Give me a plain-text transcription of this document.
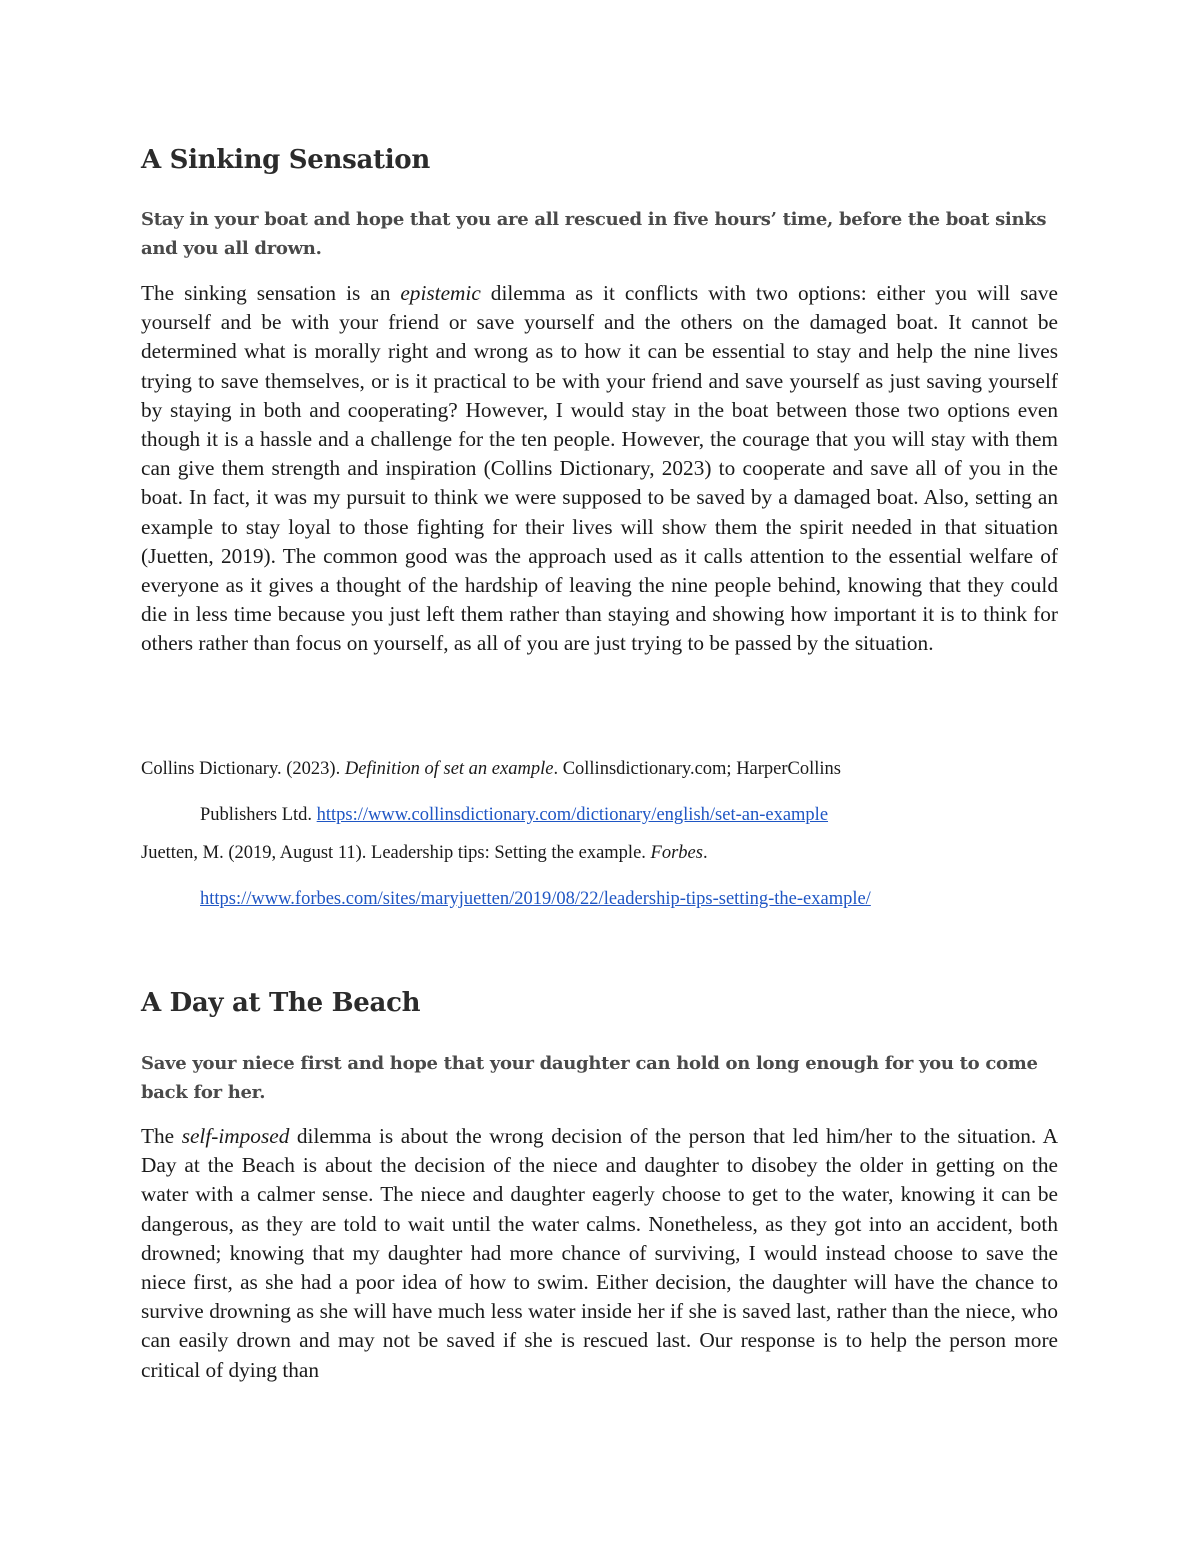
A Sinking Sensation

Stay in your boat and hope that you are all rescued in five hours’ time, before the boat sinks and you all drown.

The sinking sensation is an epistemic dilemma as it conflicts with two options: either you will save yourself and be with your friend or save yourself and the others on the damaged boat. It cannot be determined what is morally right and wrong as to how it can be essential to stay and help the nine lives trying to save themselves, or is it practical to be with your friend and save yourself as just saving yourself by staying in both and cooperating? However, I would stay in the boat between those two options even though it is a hassle and a challenge for the ten people. However, the courage that you will stay with them can give them strength and inspiration (Collins Dictionary, 2023) to cooperate and save all of you in the boat. In fact, it was my pursuit to think we were supposed to be saved by a damaged boat. Also, setting an example to stay loyal to those fighting for their lives will show them the spirit needed in that situation (Juetten, 2019). The common good was the approach used as it calls attention to the essential welfare of everyone as it gives a thought of the hardship of leaving the nine people behind, knowing that they could die in less time because you just left them rather than staying and showing how important it is to think for others rather than focus on yourself, as all of you are just trying to be passed by the situation.

Collins Dictionary. (2023). Definition of set an example. Collinsdictionary.com; HarperCollins
Publishers Ltd. https://www.collinsdictionary.com/dictionary/english/set-an-example

Juetten, M. (2019, August 11). Leadership tips: Setting the example. Forbes.
https://www.forbes.com/sites/maryjuetten/2019/08/22/leadership-tips-setting-the-example/

A Day at The Beach

Save your niece first and hope that your daughter can hold on long enough for you to come back for her.

The self-imposed dilemma is about the wrong decision of the person that led him/her to the situation. A Day at the Beach is about the decision of the niece and daughter to disobey the older in getting on the water with a calmer sense. The niece and daughter eagerly choose to get to the water, knowing it can be dangerous, as they are told to wait until the water calms. Nonetheless, as they got into an accident, both drowned; knowing that my daughter had more chance of surviving, I would instead choose to save the niece first, as she had a poor idea of how to swim. Either decision, the daughter will have the chance to survive drowning as she will have much less water inside her if she is saved last, rather than the niece, who can easily drown and may not be saved if she is rescued last. Our response is to help the person more critical of dying than
